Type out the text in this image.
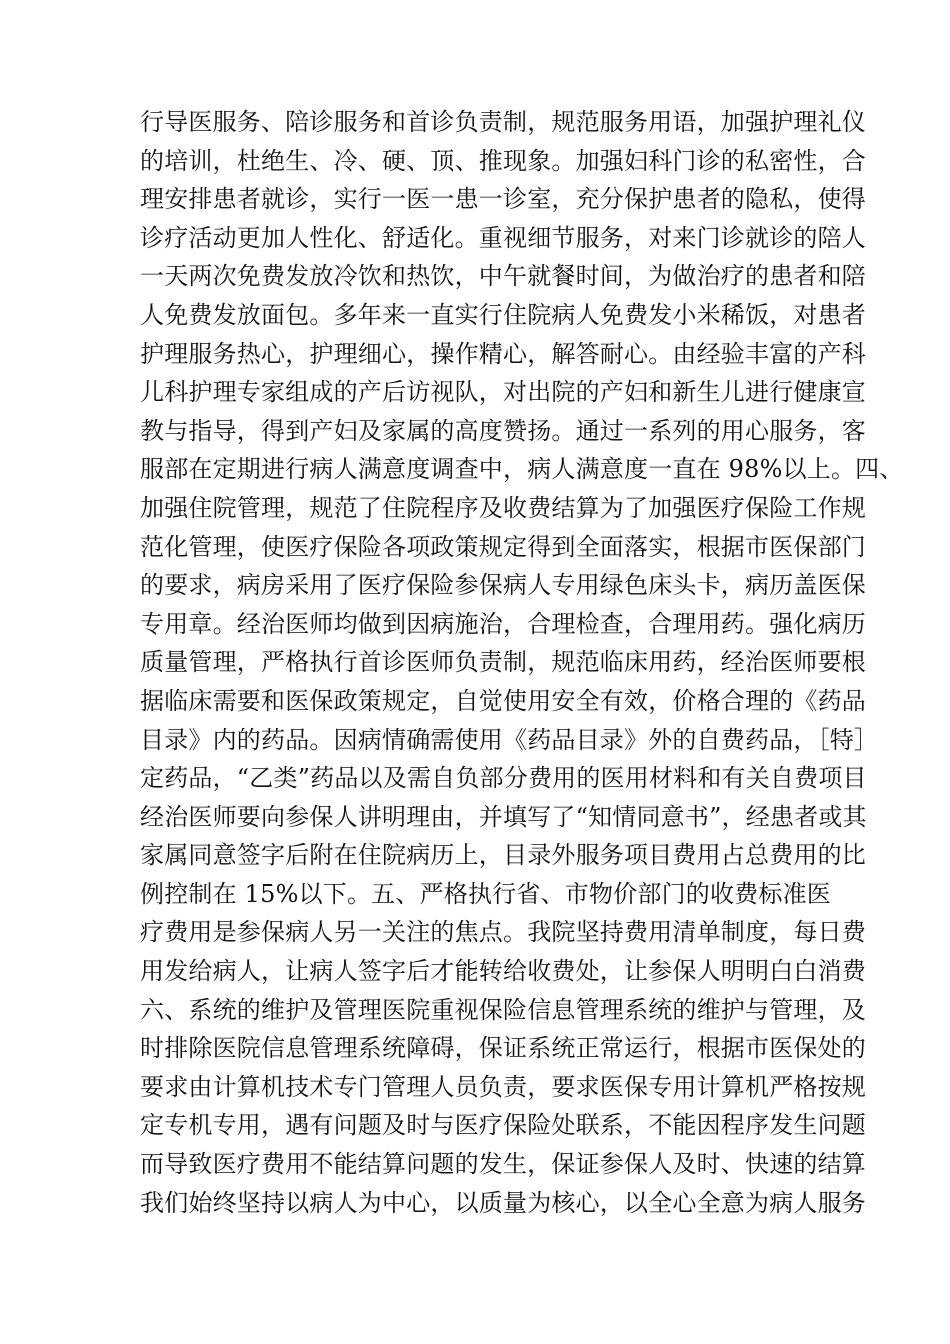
行导医服务、陪诊服务和首诊负责制，规范服务用语，加强护理礼仪
的培训，杜绝生、冷、硬、顶、推现象。加强妇科门诊的私密性，合
理安排患者就诊，实行一医一患一诊室，充分保护患者的隐私，使得
诊疗活动更加人性化、舒适化。重视细节服务，对来门诊就诊的陪人
一天两次免费发放冷饮和热饮，中午就餐时间，为做治疗的患者和陪
人免费发放面包。多年来一直实行住院病人免费发小米稀饭，对患者
护理服务热心，护理细心，操作精心，解答耐心。由经验丰富的产科
儿科护理专家组成的产后访视队，对出院的产妇和新生儿进行健康宣
教与指导，得到产妇及家属的高度赞扬。通过一系列的用心服务，客
服部在定期进行病人满意度调查中，病人满意度一直在 98%以上。四、
加强住院管理，规范了住院程序及收费结算为了加强医疗保险工作规
范化管理，使医疗保险各项政策规定得到全面落实，根据市医保部门
的要求，病房采用了医疗保险参保病人专用绿色床头卡，病历盖医保
专用章。经治医师均做到因病施治，合理检查，合理用药。强化病历
质量管理，严格执行首诊医师负责制，规范临床用药，经治医师要根
据临床需要和医保政策规定，自觉使用安全有效，价格合理的《药品
目录》内的药品。因病情确需使用《药品目录》外的自费药品，［特］
定药品，“乙类”药品以及需自负部分费用的医用材料和有关自费项目
经治医师要向参保人讲明理由，并填写了“知情同意书”，经患者或其
家属同意签字后附在住院病历上，目录外服务项目费用占总费用的比
例控制在 15%以下。五、严格执行省、市物价部门的收费标准医
疗费用是参保病人另一关注的焦点。我院坚持费用清单制度，每日费
用发给病人，让病人签字后才能转给收费处，让参保人明明白白消费
六、系统的维护及管理医院重视保险信息管理系统的维护与管理，及
时排除医院信息管理系统障碍，保证系统正常运行，根据市医保处的
要求由计算机技术专门管理人员负责，要求医保专用计算机严格按规
定专机专用，遇有问题及时与医疗保险处联系，不能因程序发生问题
而导致医疗费用不能结算问题的发生，保证参保人及时、快速的结算
我们始终坚持以病人为中心，以质量为核心，以全心全意为病人服务
